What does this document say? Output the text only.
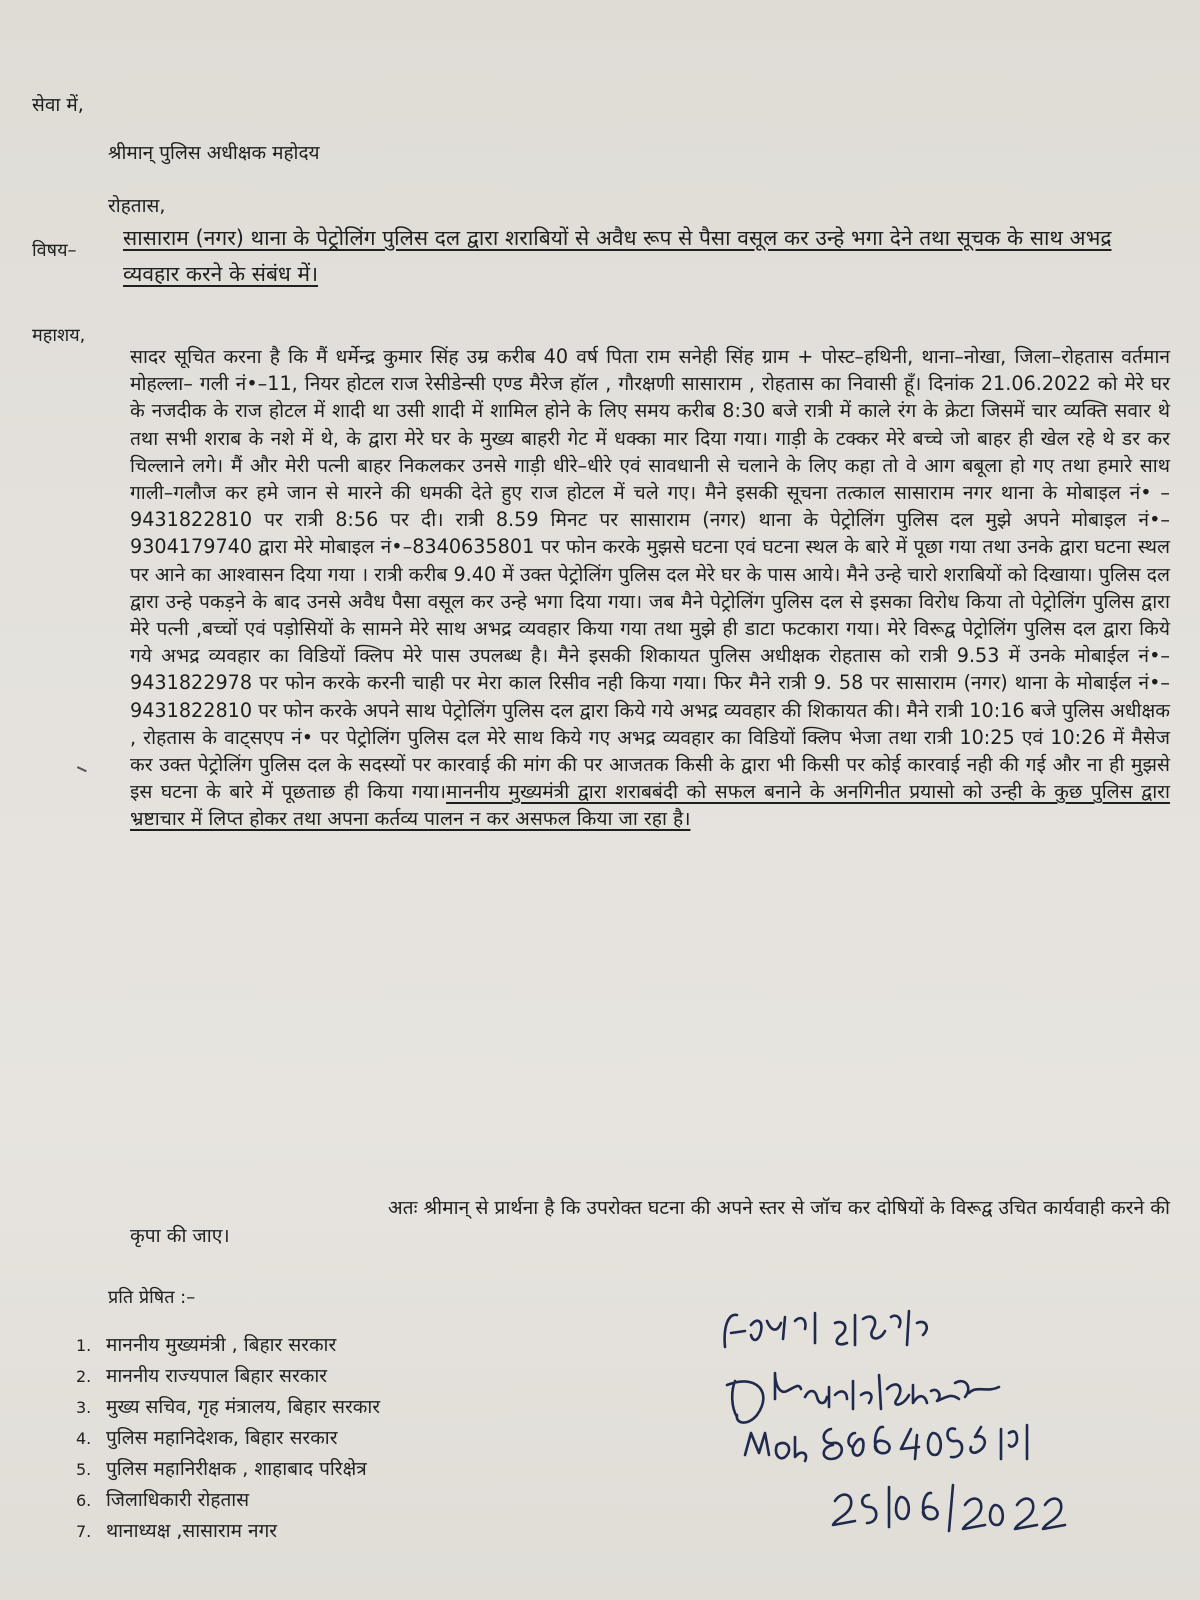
सेवा में,
श्रीमान् पुलिस अधीक्षक महोदय
रोहतास,
विषय–
सासाराम (नगर) थाना के पेट्रोलिंग पुलिस दल द्वारा शराबियों से अवैध रूप से पैसा वसूल कर उन्हे भगा देने तथा सूचक के साथ अभद्र व्यवहार करने के संबंध में।
महाशय,
सादर सूचित करना है कि मैं धर्मेन्द्र कुमार सिंह उम्र करीब 40 वर्ष पिता राम सनेही सिंह ग्राम + पोस्ट–हथिनी, थाना–नोखा, जिला–रोहतास वर्तमान मोहल्ला– गली नं•–11, नियर होटल राज रेसीडेन्सी एण्ड मैरेज हॉल , गौरक्षणी सासाराम , रोहतास का निवासी हूँ। दिनांक 21.06.2022 को मेरे घर के नजदीक के राज होटल में शादी था उसी शादी में शामिल होने के लिए समय करीब 8:30 बजे रात्री में काले रंग के क्रेटा जिसमें चार व्यक्ति सवार थे तथा सभी शराब के नशे में थे, के द्वारा मेरे घर के मुख्य बाहरी गेट में धक्का मार दिया गया। गाड़ी के टक्कर मेरे बच्चे जो बाहर ही खेल रहे थे डर कर चिल्लाने लगे। मैं और मेरी पत्नी बाहर निकलकर उनसे गाड़ी धीरे–धीरे एवं सावधानी से चलाने के लिए कहा तो वे आग बबूला हो गए तथा हमारे साथ गाली–गलौज कर हमे जान से मारने की धमकी देते हुए राज होटल में चले गए। मैने इसकी सूचना तत्काल सासाराम नगर थाना के मोबाइल नं• – 9431822810 पर रात्री 8:56 पर दी। रात्री 8.59 मिनट पर सासाराम (नगर) थाना के पेट्रोलिंग पुलिस दल मुझे अपने मोबाइल नं•– 9304179740 द्वारा मेरे मोबाइल नं•–8340635801 पर फोन करके मुझसे घटना एवं घटना स्थल के बारे में पूछा गया तथा उनके द्वारा घटना स्थल पर आने का आश्वासन दिया गया । रात्री करीब 9.40 में उक्त पेट्रोलिंग पुलिस दल मेरे घर के पास आये। मैने उन्हे चारो शराबियों को दिखाया। पुलिस दल द्वारा उन्हे पकड़ने के बाद उनसे अवैध पैसा वसूल कर उन्हे भगा दिया गया। जब मैने पेट्रोलिंग पुलिस दल से इसका विरोध किया तो पेट्रोलिंग पुलिस द्वारा मेरे पत्नी ,बच्चों एवं पड़ोसियों के सामने मेरे साथ अभद्र व्यवहार किया गया तथा मुझे ही डाटा फटकारा गया। मेरे विरूद्व पेट्रोलिंग पुलिस दल द्वारा किये गये अभद्र व्यवहार का विडियों क्लिप मेरे पास उपलब्ध है। मैने इसकी शिकायत पुलिस अधीक्षक रोहतास को रात्री 9.53 में उनके मोबाईल नं•–9431822978 पर फोन करके करनी चाही पर मेरा काल रिसीव नही किया गया। फिर मैने रात्री 9. 58 पर सासाराम (नगर) थाना के मोबाईल नं•– 9431822810 पर फोन करके अपने साथ पेट्रोलिंग पुलिस दल द्वारा किये गये अभद्र व्यवहार की शिकायत की। मैने रात्री 10:16 बजे पुलिस अधीक्षक , रोहतास के वाट्सएप नं• पर पेट्रोलिंग पुलिस दल मेरे साथ किये गए अभद्र व्यवहार का विडियों क्लिप भेजा तथा रात्री 10:25 एवं 10:26 में मैसेज कर उक्त पेट्रोलिंग पुलिस दल के सदस्यों पर कारवाई की मांग की पर आजतक किसी के द्वारा भी किसी पर कोई कारवाई नही की गई और ना ही मुझसे इस घटना के बारे में पूछताछ ही किया गया।माननीय मुख्यमंत्री द्वारा शराबबंदी को सफल बनाने के अनगिनीत प्रयासो को उन्ही के कुछ पुलिस द्वारा भ्रष्टाचार में लिप्त होकर तथा अपना कर्तव्य पालन न कर असफल किया जा रहा है।
अतः श्रीमान् से प्रार्थना है कि उपरोक्त घटना की अपने स्तर से जॉच कर दोषियों के विरूद्व उचित कार्यवाही करने की कृपा की जाए।
प्रति प्रेषित :–
1. माननीय मुख्यमंत्री , बिहार सरकार
2. माननीय राज्यपाल बिहार सरकार
3. मुख्य सचिव, गृह मंत्रालय, बिहार सरकार
4. पुलिस महानिदेशक, बिहार सरकार
5. पुलिस महानिरीक्षक , शाहाबाद परिक्षेत्र
6. जिलाधिकारी रोहतास
7. थानाध्यक्ष ,सासाराम नगर
आपका विश्वासी
